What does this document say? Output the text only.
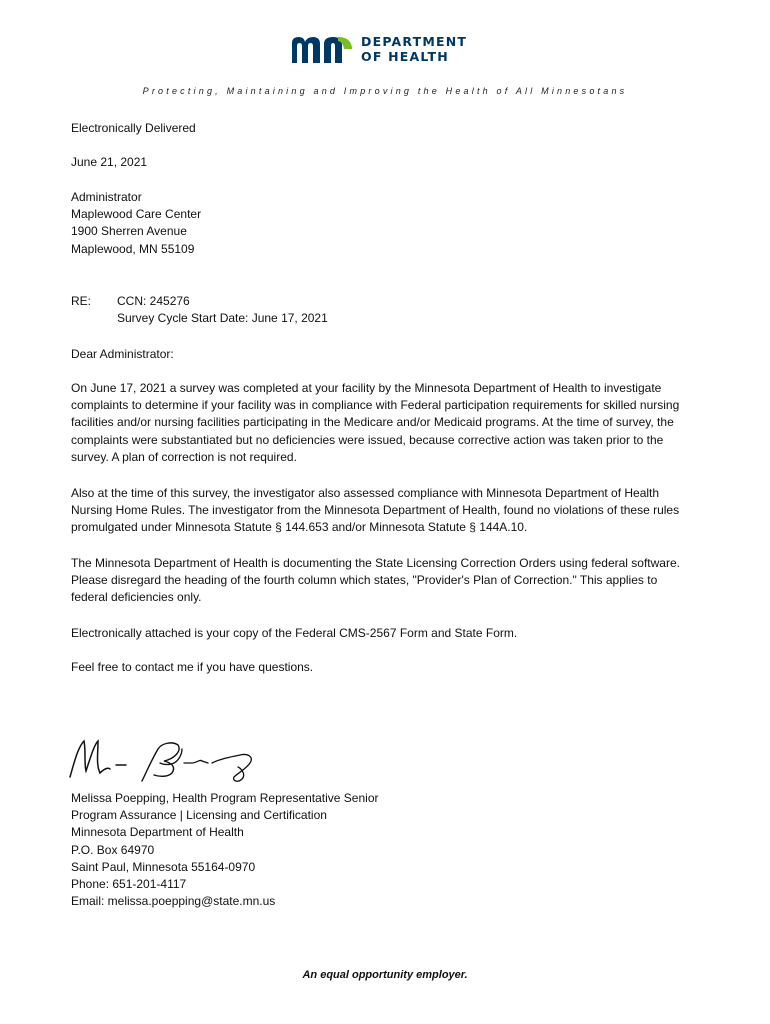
DEPARTMENT
OF HEALTH
Protecting, Maintaining and Improving the Health of All Minnesotans
Electronically Delivered
June 21, 2021
Administrator
Maplewood Care Center
1900 Sherren Avenue
Maplewood, MN 55109
RE: CCN: 245276
Survey Cycle Start Date: June 17, 2021
Dear Administrator:
On June 17, 2021 a survey was completed at your facility by the Minnesota Department of Health to investigate complaints to determine if your facility was in compliance with Federal participation requirements for skilled nursing facilities and/or nursing facilities participating in the Medicare and/or Medicaid programs. At the time of survey, the complaints were substantiated but no deficiencies were issued, because corrective action was taken prior to the survey. A plan of correction is not required.
Also at the time of this survey, the investigator also assessed compliance with Minnesota Department of Health Nursing Home Rules. The investigator from the Minnesota Department of Health, found no violations of these rules promulgated under Minnesota Statute § 144.653 and/or Minnesota Statute § 144A.10.
The Minnesota Department of Health is documenting the State Licensing Correction Orders using federal software. Please disregard the heading of the fourth column which states, "Provider's Plan of Correction." This applies to federal deficiencies only.
Electronically attached is your copy of the Federal CMS-2567 Form and State Form.
Feel free to contact me if you have questions.
Melissa Poepping, Health Program Representative Senior
Program Assurance | Licensing and Certification
Minnesota Department of Health
P.O. Box 64970
Saint Paul, Minnesota 55164-0970
Phone: 651-201-4117
Email: melissa.poepping@state.mn.us
An equal opportunity employer.
